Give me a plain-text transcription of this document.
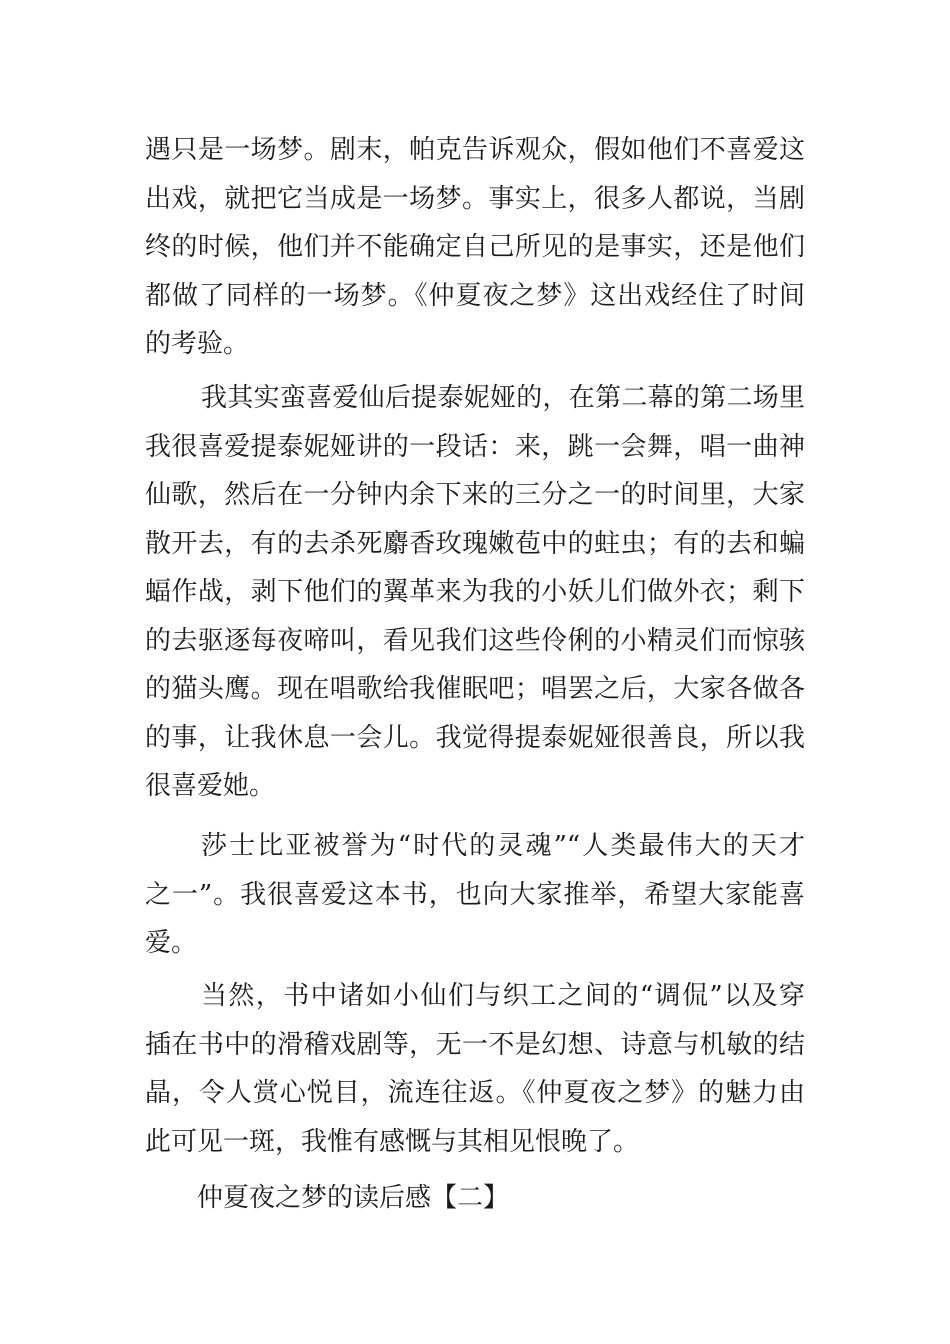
遇只是一场梦。剧末，帕克告诉观众，假如他们不喜爱这
出戏，就把它当成是一场梦。事实上，很多人都说，当剧
终的时候，他们并不能确定自己所见的是事实，还是他们
都做了同样的一场梦。《仲夏夜之梦》这出戏经住了时间
的考验。
我其实蛮喜爱仙后提泰妮娅的，在第二幕的第二场里
我很喜爱提泰妮娅讲的一段话：来，跳一会舞，唱一曲神
仙歌，然后在一分钟内余下来的三分之一的时间里，大家
散开去，有的去杀死麝香玫瑰嫩苞中的蛀虫；有的去和蝙
蝠作战，剥下他们的翼革来为我的小妖儿们做外衣；剩下
的去驱逐每夜啼叫，看见我们这些伶俐的小精灵们而惊骇
的猫头鹰。现在唱歌给我催眠吧；唱罢之后，大家各做各
的事，让我休息一会儿。我觉得提泰妮娅很善良，所以我
很喜爱她。
莎士比亚被誉为“时代的灵魂”“人类最伟大的天才
之一”。我很喜爱这本书，也向大家推举，希望大家能喜
爱。
当然，书中诸如小仙们与织工之间的“调侃”以及穿
插在书中的滑稽戏剧等，无一不是幻想、诗意与机敏的结
晶，令人赏心悦目，流连往返。《仲夏夜之梦》的魅力由
此可见一斑，我惟有感慨与其相见恨晚了。
仲夏夜之梦的读后感【二】
